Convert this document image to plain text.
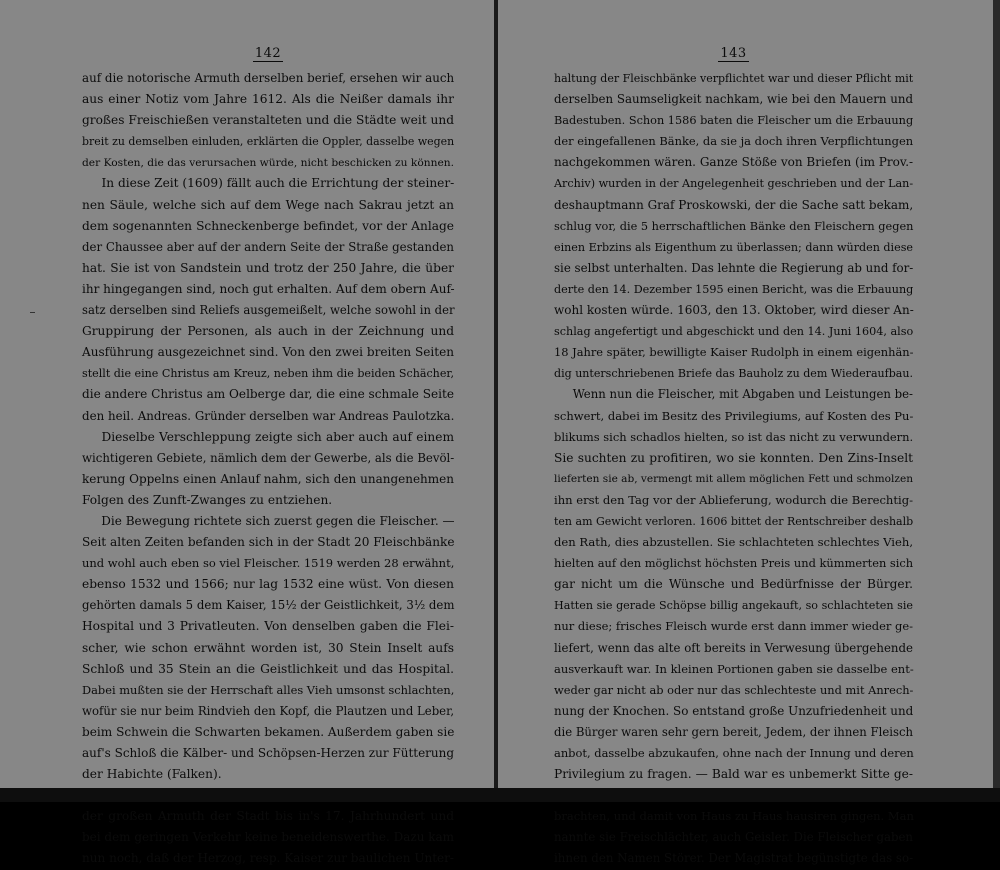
142
auf die notorische Armuth derselben berief, ersehen wir auch
aus einer Notiz vom Jahre 1612. Als die Neißer damals ihr
großes Freischießen veranstalteten und die Städte weit und
breit zu demselben einluden, erklärten die Oppler, dasselbe wegen
der Kosten, die das verursachen würde, nicht beschicken zu können.
In diese Zeit (1609) fällt auch die Errichtung der steiner-
nen Säule, welche sich auf dem Wege nach Sakrau jetzt an
dem sogenannten Schneckenberge befindet, vor der Anlage
der Chaussee aber auf der andern Seite der Straße gestanden
hat. Sie ist von Sandstein und trotz der 250 Jahre, die über
ihr hingegangen sind, noch gut erhalten. Auf dem obern Auf-
satz derselben sind Reliefs ausgemeißelt, welche sowohl in der
Gruppirung der Personen, als auch in der Zeichnung und
Ausführung ausgezeichnet sind. Von den zwei breiten Seiten
stellt die eine Christus am Kreuz, neben ihm die beiden Schächer,
die andere Christus am Oelberge dar, die eine schmale Seite
den heil. Andreas. Gründer derselben war Andreas Paulotzka.
Dieselbe Verschleppung zeigte sich aber auch auf einem
wichtigeren Gebiete, nämlich dem der Gewerbe, als die Bevöl-
kerung Oppelns einen Anlauf nahm, sich den unangenehmen
Folgen des Zunft-Zwanges zu entziehen.
Die Bewegung richtete sich zuerst gegen die Fleischer. —
Seit alten Zeiten befanden sich in der Stadt 20 Fleischbänke
und wohl auch eben so viel Fleischer. 1519 werden 28 erwähnt,
ebenso 1532 und 1566; nur lag 1532 eine wüst. Von diesen
gehörten damals 5 dem Kaiser, 15½ der Geistlichkeit, 3½ dem
Hospital und 3 Privatleuten. Von denselben gaben die Flei-
scher, wie schon erwähnt worden ist, 30 Stein Inselt aufs
Schloß und 35 Stein an die Geistlichkeit und das Hospital.
Dabei mußten sie der Herrschaft alles Vieh umsonst schlachten,
wofür sie nur beim Rindvieh den Kopf, die Plautzen und Leber,
beim Schwein die Schwarten bekamen. Außerdem gaben sie
auf's Schloß die Kälber- und Schöpsen-Herzen zur Fütterung
der Habichte (Falken).
der großen Armuth der Stadt bis in's 17. Jahrhundert und
bei dem geringen Verkehr keine beneidenswerthe. Dazu kam
nun noch, daß der Herzog, resp. Kaiser zur baulichen Unter-
143
haltung der Fleischbänke verpflichtet war und dieser Pflicht mit
derselben Saumseligkeit nachkam, wie bei den Mauern und
Badestuben. Schon 1586 baten die Fleischer um die Erbauung
der eingefallenen Bänke, da sie ja doch ihren Verpflichtungen
nachgekommen wären. Ganze Stöße von Briefen (im Prov.-
Archiv) wurden in der Angelegenheit geschrieben und der Lan-
deshauptmann Graf Proskowski, der die Sache satt bekam,
schlug vor, die 5 herrschaftlichen Bänke den Fleischern gegen
einen Erbzins als Eigenthum zu überlassen; dann würden diese
sie selbst unterhalten. Das lehnte die Regierung ab und for-
derte den 14. Dezember 1595 einen Bericht, was die Erbauung
wohl kosten würde. 1603, den 13. Oktober, wird dieser An-
schlag angefertigt und abgeschickt und den 14. Juni 1604, also
18 Jahre später, bewilligte Kaiser Rudolph in einem eigenhän-
dig unterschriebenen Briefe das Bauholz zu dem Wiederaufbau.
Wenn nun die Fleischer, mit Abgaben und Leistungen be-
schwert, dabei im Besitz des Privilegiums, auf Kosten des Pu-
blikums sich schadlos hielten, so ist das nicht zu verwundern.
Sie suchten zu profitiren, wo sie konnten. Den Zins-Inselt
lieferten sie ab, vermengt mit allem möglichen Fett und schmolzen
ihn erst den Tag vor der Ablieferung, wodurch die Berechtig-
ten am Gewicht verloren. 1606 bittet der Rentschreiber deshalb
den Rath, dies abzustellen. Sie schlachteten schlechtes Vieh,
hielten auf den möglichst höchsten Preis und kümmerten sich
gar nicht um die Wünsche und Bedürfnisse der Bürger.
Hatten sie gerade Schöpse billig angekauft, so schlachteten sie
nur diese; frisches Fleisch wurde erst dann immer wieder ge-
liefert, wenn das alte oft bereits in Verwesung übergehende
ausverkauft war. In kleinen Portionen gaben sie dasselbe ent-
weder gar nicht ab oder nur das schlechteste und mit Anrech-
nung der Knochen. So entstand große Unzufriedenheit und
die Bürger waren sehr gern bereit, Jedem, der ihnen Fleisch
anbot, dasselbe abzukaufen, ohne nach der Innung und deren
Privilegium zu fragen. — Bald war es unbemerkt Sitte ge-
brachten, und damit von Haus zu Haus hausiren gingen. Man
nannte sie Freischlächter, auch Geisler. Die Fleischer gaben
ihnen den Namen Störer. Der Magistrat begünstigte das so-
